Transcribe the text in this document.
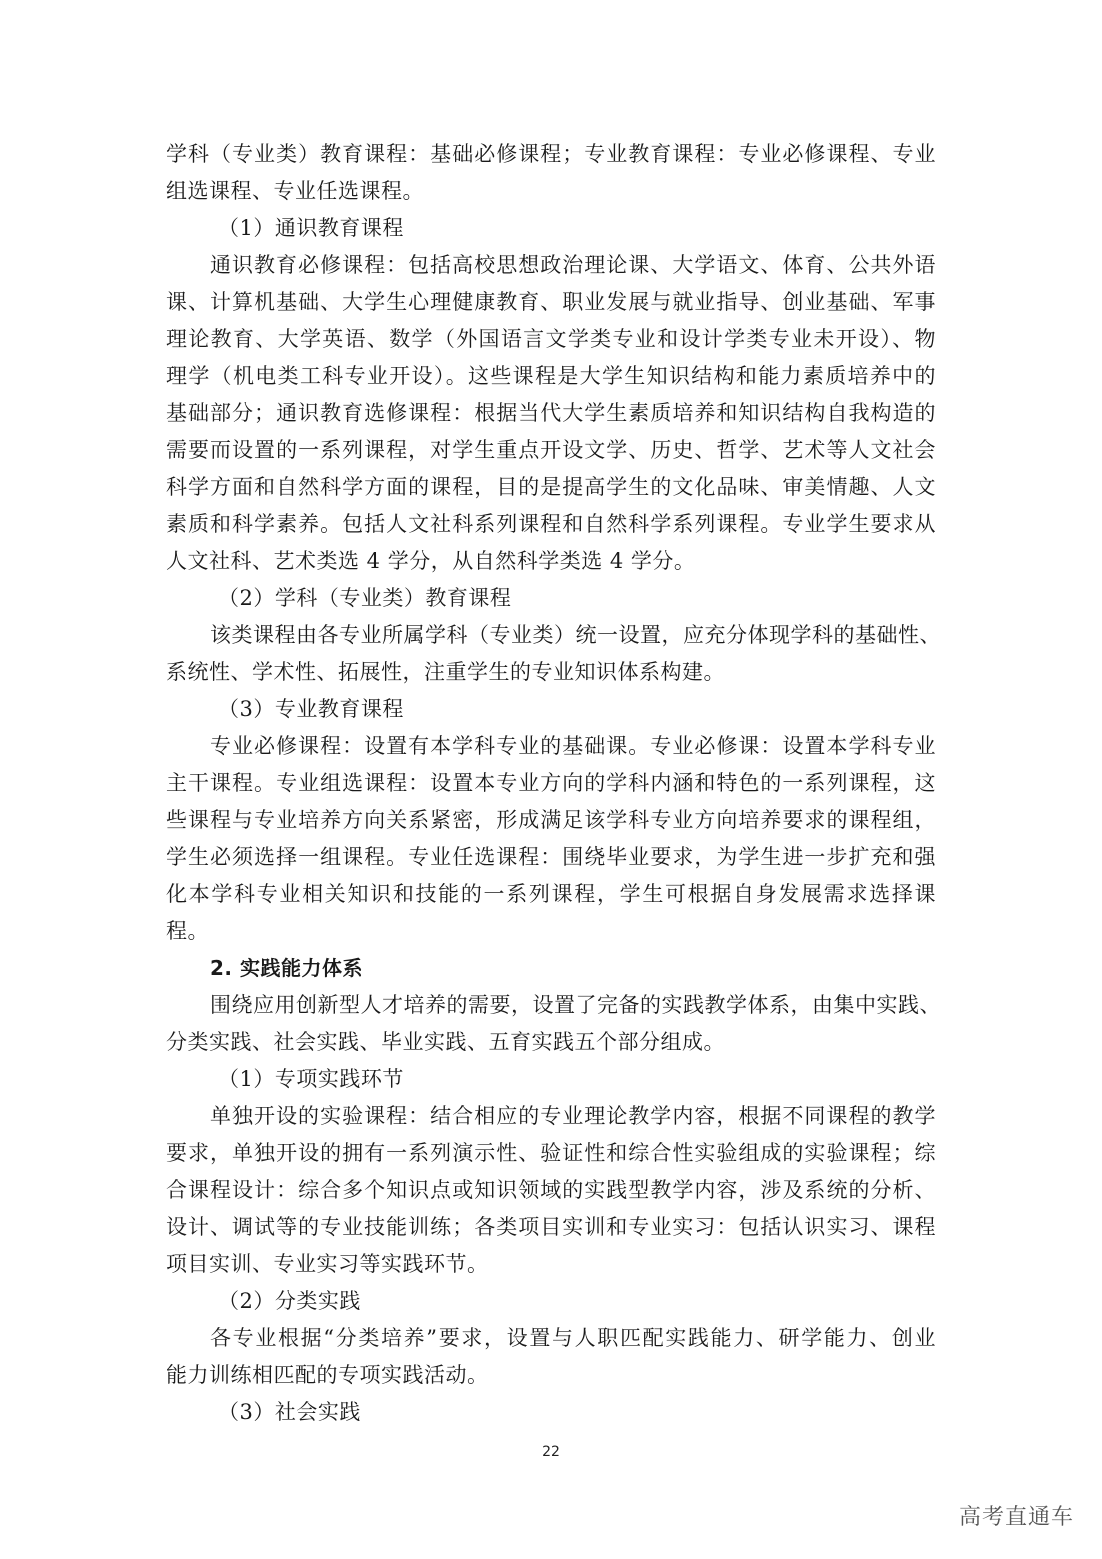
学科（专业类）教育课程：基础必修课程；专业教育课程：专业必修课程、专业
组选课程、专业任选课程。
（1）通识教育课程
通识教育必修课程：包括高校思想政治理论课、大学语文、体育、公共外语
课、计算机基础、大学生心理健康教育、职业发展与就业指导、创业基础、军事
理论教育、大学英语、数学（外国语言文学类专业和设计学类专业未开设）、物
理学（机电类工科专业开设）。这些课程是大学生知识结构和能力素质培养中的
基础部分；通识教育选修课程：根据当代大学生素质培养和知识结构自我构造的
需要而设置的一系列课程，对学生重点开设文学、历史、哲学、艺术等人文社会
科学方面和自然科学方面的课程，目的是提高学生的文化品味、审美情趣、人文
素质和科学素养。包括人文社科系列课程和自然科学系列课程。专业学生要求从
人文社科、艺术类选 4 学分，从自然科学类选 4 学分。
（2）学科（专业类）教育课程
该类课程由各专业所属学科（专业类）统一设置，应充分体现学科的基础性、
系统性、学术性、拓展性，注重学生的专业知识体系构建。
（3）专业教育课程
专业必修课程：设置有本学科专业的基础课。专业必修课：设置本学科专业
主干课程。专业组选课程：设置本专业方向的学科内涵和特色的一系列课程，这
些课程与专业培养方向关系紧密，形成满足该学科专业方向培养要求的课程组，
学生必须选择一组课程。专业任选课程：围绕毕业要求，为学生进一步扩充和强
化本学科专业相关知识和技能的一系列课程，学生可根据自身发展需求选择课
程。
2. 实践能力体系
围绕应用创新型人才培养的需要，设置了完备的实践教学体系，由集中实践、
分类实践、社会实践、毕业实践、五育实践五个部分组成。
（1）专项实践环节
单独开设的实验课程：结合相应的专业理论教学内容，根据不同课程的教学
要求，单独开设的拥有一系列演示性、验证性和综合性实验组成的实验课程；综
合课程设计：综合多个知识点或知识领域的实践型教学内容，涉及系统的分析、
设计、调试等的专业技能训练；各类项目实训和专业实习：包括认识实习、课程
项目实训、专业实习等实践环节。
（2）分类实践
各专业根据“分类培养”要求，设置与人职匹配实践能力、研学能力、创业
能力训练相匹配的专项实践活动。
（3）社会实践
22
高考直通车
